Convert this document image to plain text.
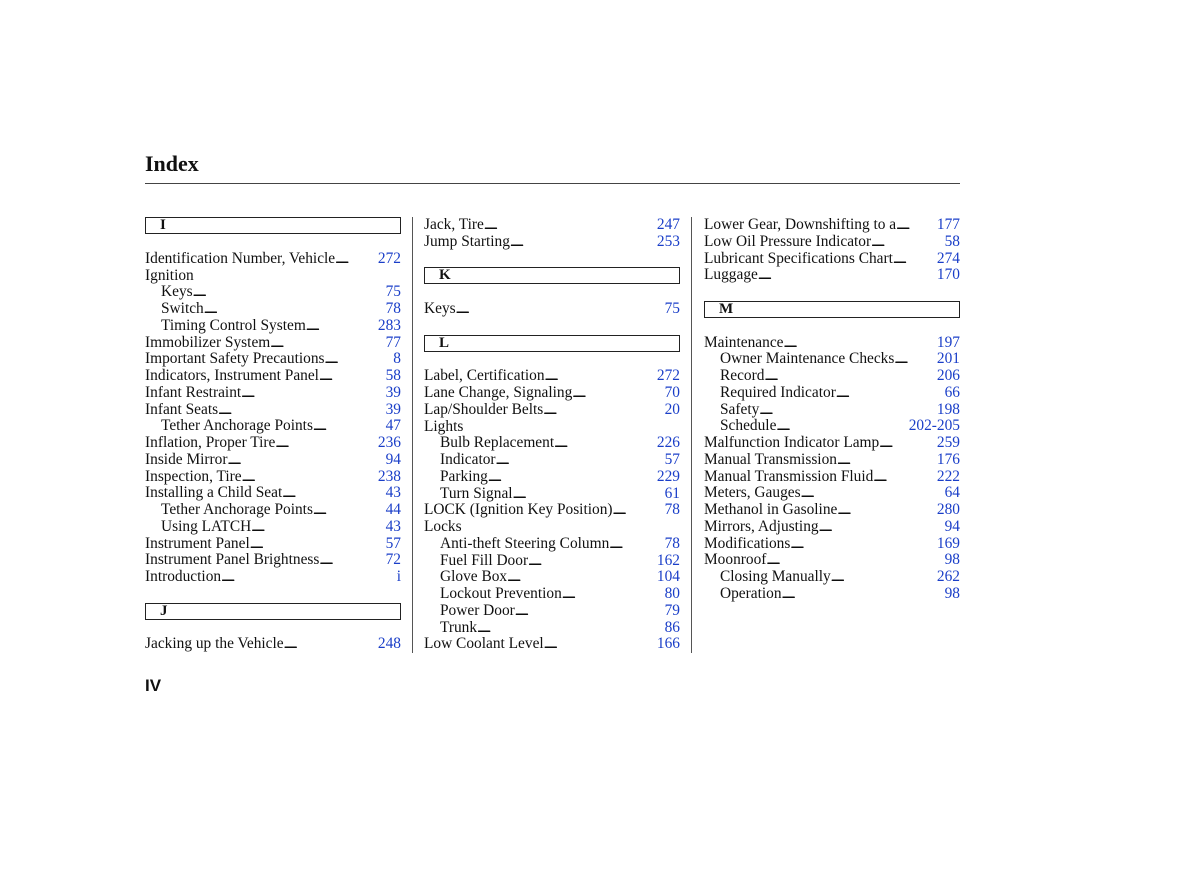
Index
I
Identification Number, Vehicle . . .	272
Ignition
Keys . . .	75
Switch . . .	78
Timing Control System . . .	283
Immobilizer System . . .	77
Important Safety Precautions . . .	8
Indicators, Instrument Panel . . .	58
Infant Restraint . . .	39
Infant Seats . . .	39
Tether Anchorage Points . . .	47
Inflation, Proper Tire . . .	236
Inside Mirror . . .	94
Inspection, Tire . . .	238
Installing a Child Seat . . .	43
Tether Anchorage Points . . .	44
Using LATCH . . .	43
Instrument Panel . . .	57
Instrument Panel Brightness . . .	72
Introduction . . .	i
J
Jacking up the Vehicle . . .	248
Jack, Tire . . .	247
Jump Starting . . .	253
K
Keys . . .	75
L
Label, Certification . . .	272
Lane Change, Signaling . . .	70
Lap/Shoulder Belts . . .	20
Lights
Bulb Replacement . . .	226
Indicator . . .	57
Parking . . .	229
Turn Signal . . .	61
LOCK (Ignition Key Position) . . .	78
Locks
Anti-theft Steering Column . . .	78
Fuel Fill Door . . .	162
Glove Box . . .	104
Lockout Prevention . . .	80
Power Door . . .	79
Trunk . . .	86
Low Coolant Level . . .	166
Lower Gear, Downshifting to a . . .	177
Low Oil Pressure Indicator . . .	58
Lubricant Specifications Chart . . .	274
Luggage . . .	170
M
Maintenance . . .	197
Owner Maintenance Checks . . .	201
Record . . .	206
Required Indicator . . .	66
Safety . . .	198
Schedule . . .	202-205
Malfunction Indicator Lamp . . .	259
Manual Transmission . . .	176
Manual Transmission Fluid . . .	222
Meters, Gauges . . .	64
Methanol in Gasoline . . .	280
Mirrors, Adjusting . . .	94
Modifications . . .	169
Moonroof . . .	98
Closing Manually . . .	262
Operation . . .	98
IV
